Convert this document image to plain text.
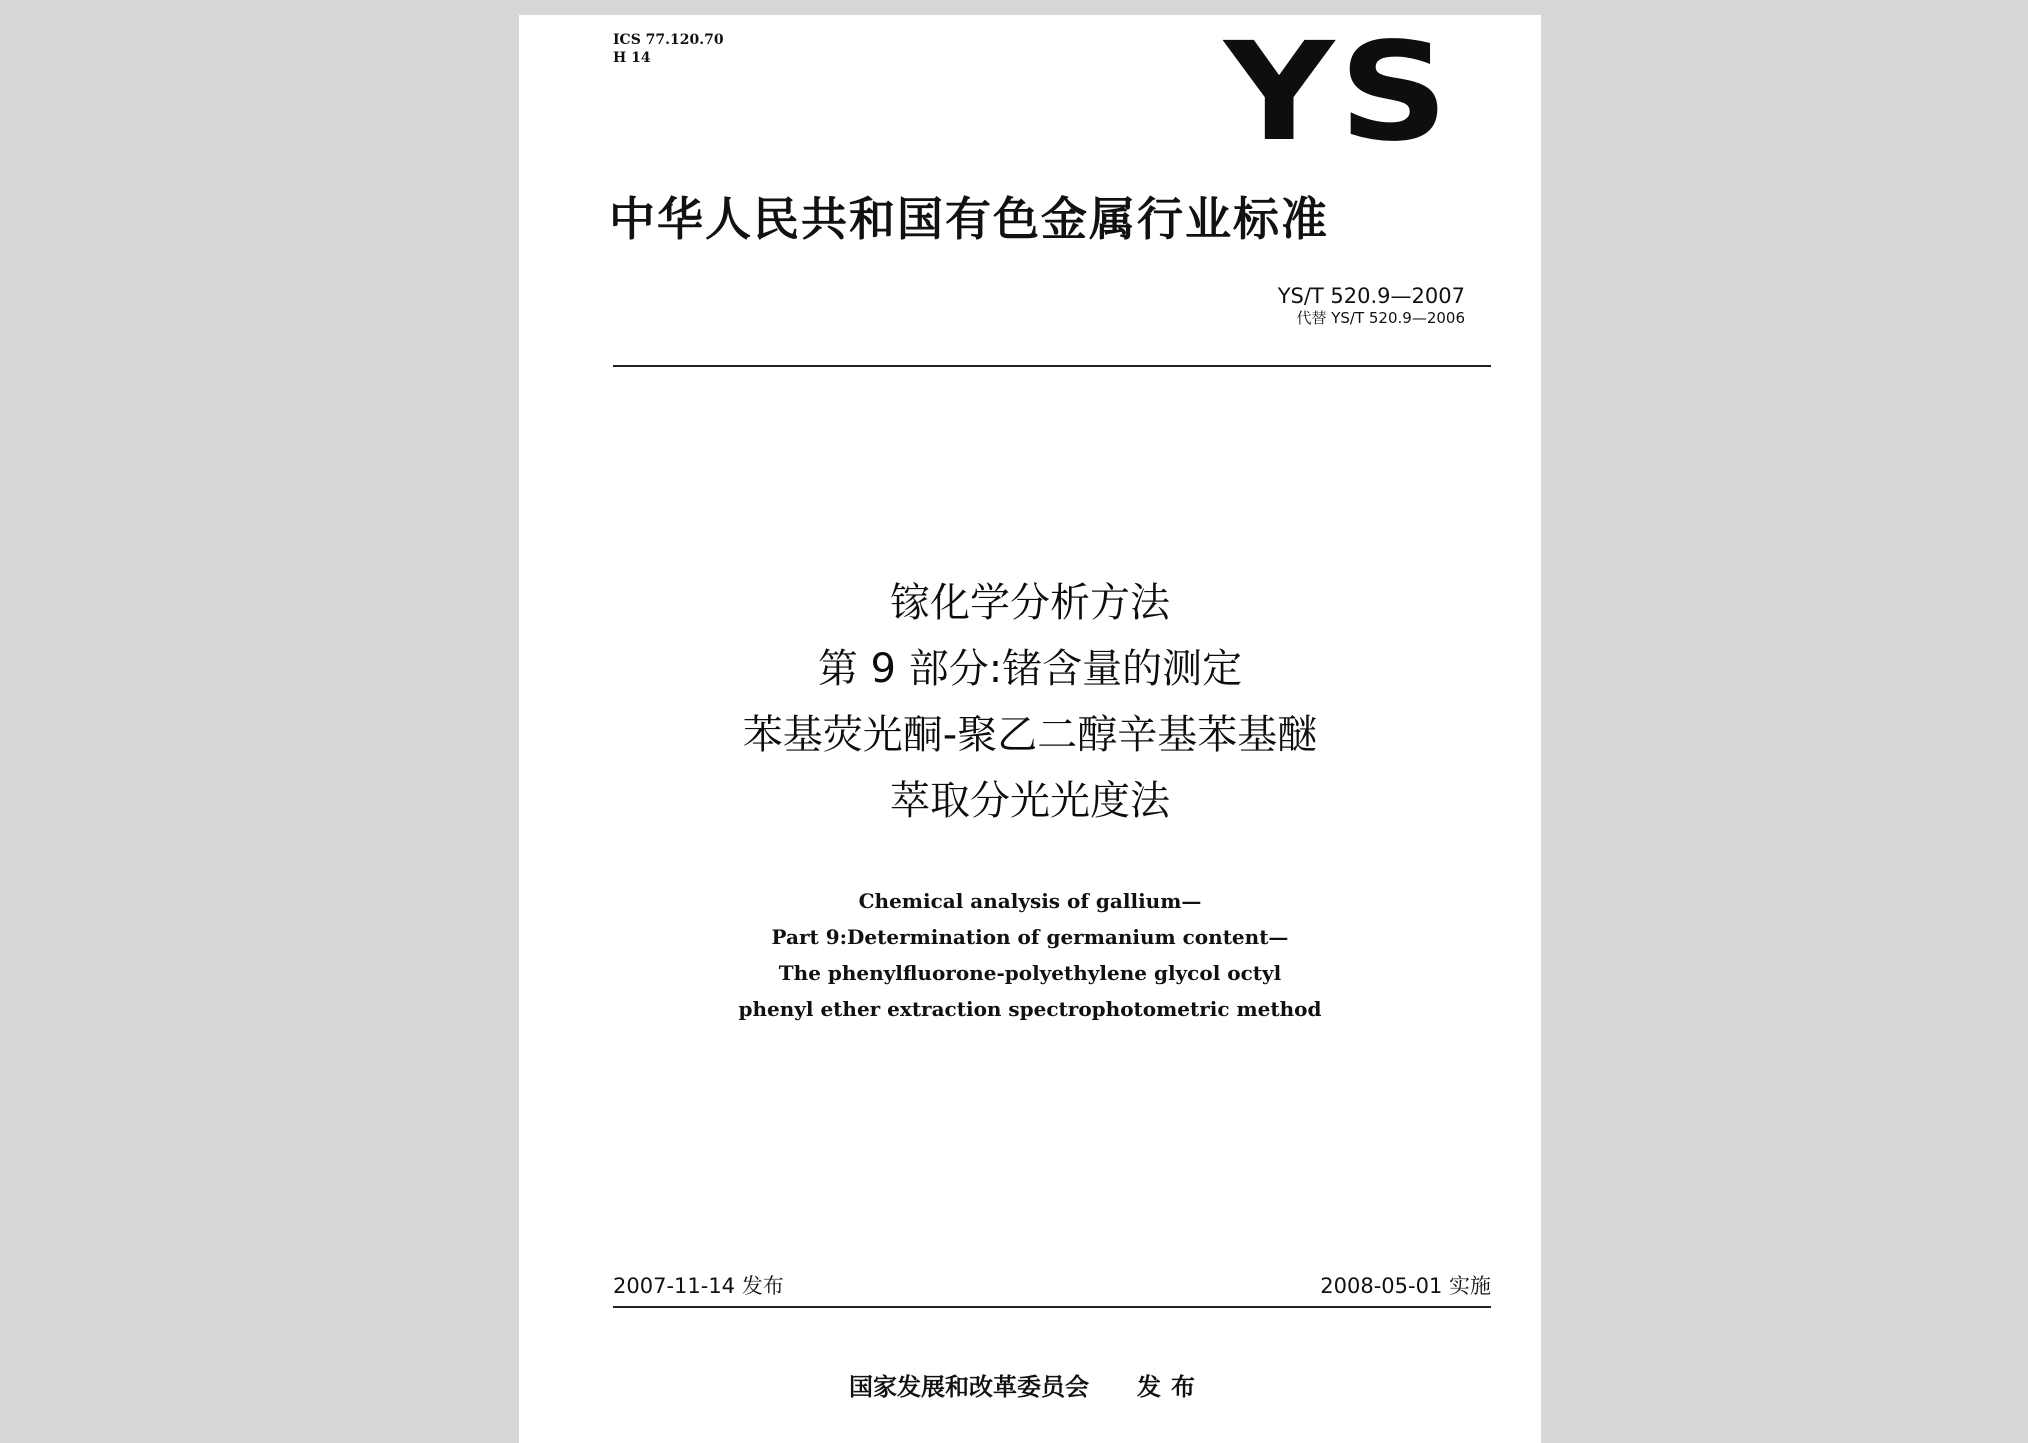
ICS 77.120.70
H 14	YS
中华人民共和国有色金属行业标准
YS/T 520.9—2007
代替 YS/T 520.9—2006
镓化学分析方法
第 9 部分:锗含量的测定
苯基荧光酮-聚乙二醇辛基苯基醚
萃取分光光度法
Chemical analysis of gallium—
Part 9:Determination of germanium content—
The phenylfluorone-polyethylene glycol octyl
phenyl ether extraction spectrophotometric method
2007-11-14 发布	2008-05-01 实施
国家发展和改革委员会 发布
